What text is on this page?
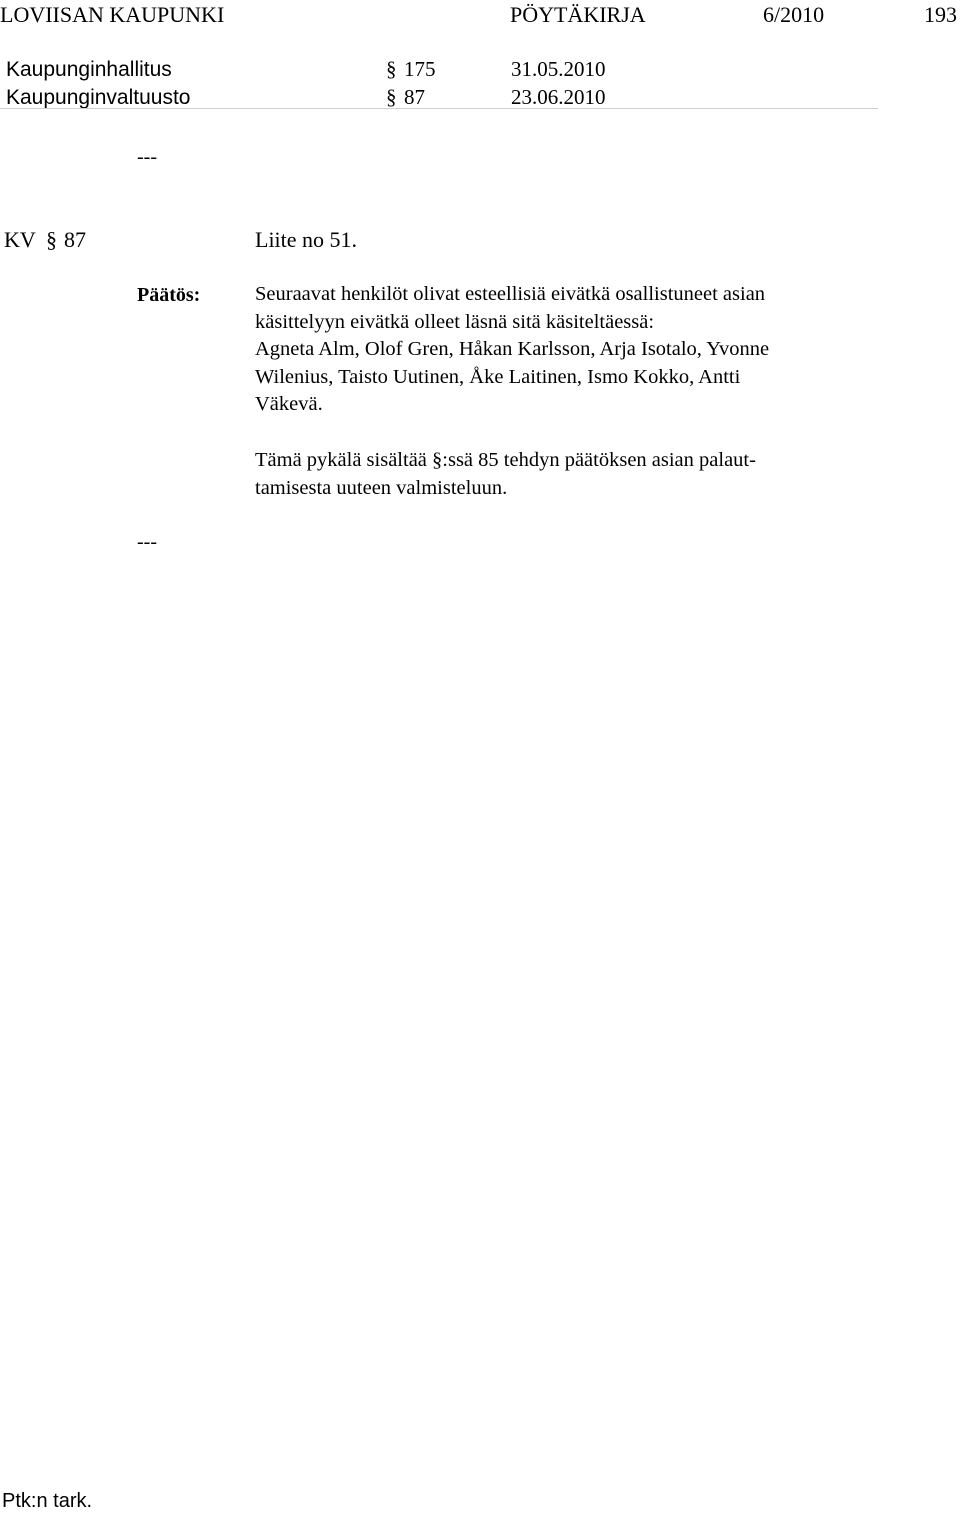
LOVIISAN KAUPUNKI	PÖYTÄKIRJA	6/2010	193
Kaupunginhallitus	§ 175	31.05.2010
Kaupunginvaltuusto	§ 87	23.06.2010
---
KV § 87	Liite no 51.
Päätös:	Seuraavat henkilöt olivat esteellisiä eivätkä osallistuneet asian
käsittelyyn eivätkä olleet läsnä sitä käsiteltäessä:
Agneta Alm, Olof Gren, Håkan Karlsson, Arja Isotalo, Yvonne
Wilenius, Taisto Uutinen, Åke Laitinen, Ismo Kokko, Antti
Väkevä.
Tämä pykälä sisältää §:ssä 85 tehdyn päätöksen asian palaut-
tamisesta uuteen valmisteluun.
---
Ptk:n tark.
